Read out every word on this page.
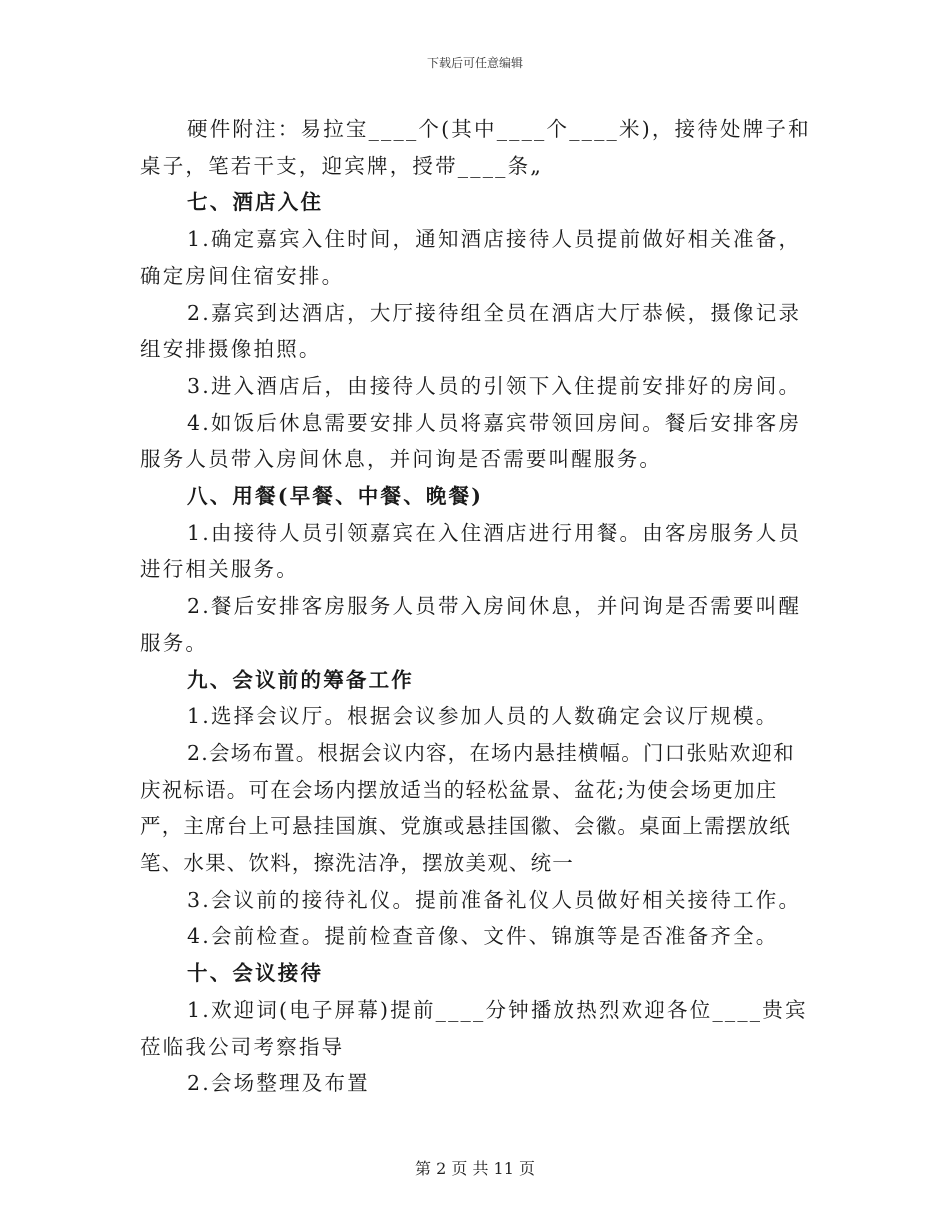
下载后可任意编辑

硬件附注：易拉宝____个(其中____个____米)，接待处牌子和桌子，笔若干支，迎宾牌，授带____条„

七、酒店入住

1.确定嘉宾入住时间，通知酒店接待人员提前做好相关准备，确定房间住宿安排。

2.嘉宾到达酒店，大厅接待组全员在酒店大厅恭候，摄像记录组安排摄像拍照。

3.进入酒店后，由接待人员的引领下入住提前安排好的房间。

4.如饭后休息需要安排人员将嘉宾带领回房间。餐后安排客房服务人员带入房间休息，并问询是否需要叫醒服务。

八、用餐(早餐、中餐、晚餐)

1.由接待人员引领嘉宾在入住酒店进行用餐。由客房服务人员进行相关服务。

2.餐后安排客房服务人员带入房间休息，并问询是否需要叫醒服务。

九、会议前的筹备工作

1.选择会议厅。根据会议参加人员的人数确定会议厅规模。

2.会场布置。根据会议内容，在场内悬挂横幅。门口张贴欢迎和庆祝标语。可在会场内摆放适当的轻松盆景、盆花;为使会场更加庄严，主席台上可悬挂国旗、党旗或悬挂国徽、会徽。桌面上需摆放纸笔、水果、饮料，擦洗洁净，摆放美观、统一

3.会议前的接待礼仪。提前准备礼仪人员做好相关接待工作。

4.会前检查。提前检查音像、文件、锦旗等是否准备齐全。

十、会议接待

1.欢迎词(电子屏幕)提前____分钟播放热烈欢迎各位____贵宾莅临我公司考察指导

2.会场整理及布置

第 2 页 共 11 页
